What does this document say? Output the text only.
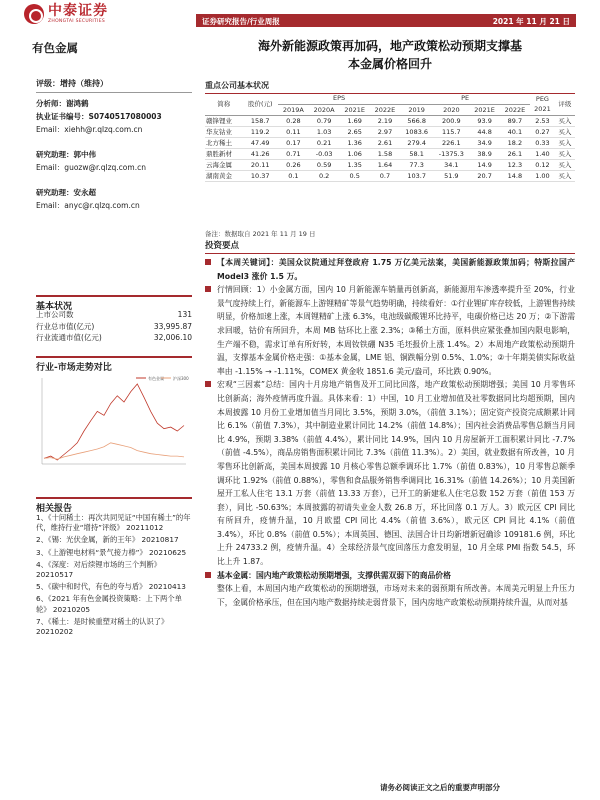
中泰证券
ZHONGTAI SECURITIES	证券研究报告/行业周报	2021 年 11 月 21 日
有色金属	海外新能源政策再加码，地产政策松动预期支撑基
本金属价格回升
评级：增持（维持）
分析师：谢鸿鹤
执业证书编号：S0740517080003
Email：xiehh@r.qlzq.com.cn
研究助理：郭中伟
Email：guozw@r.qlzq.com.cn
研究助理：安永超
Email：anyc@r.qlzq.com.cn
基本状况
上市公司数	131
行业总市值(亿元)	33,995.87
行业流通市值(亿元)	32,006.10
行业-市场走势对比
有色金属 沪深300
相关报告
1、《十问稀土：再次共同见证“中国有稀土”的年代，维持行业“增持”评级》 20211012
2、《锡：光伏金属，新的王年》 20210817
3、《上游锂电材料“景气接力棒”》 20210625
4、《深度：对后续锂市场的三个判断》 20210517
5、《碳中和时代，有色的夸与盾》 20210413
6、《2021 年有色金属投资策略：上下两个单轮》 20210205
7、《稀土：是时候重塑对稀土的认识了》 20210202
重点公司基本状况
简称	股价(元)	EPS				PE				PEG	评级
		2019A	2020A	2021E	2022E	2019	2020	2021E	2022E	2021	
赣锋锂业	158.7	0.28	0.79	1.69	2.19	566.8	200.9	93.9	89.7	2.53	买入
华友钴业	119.2	0.11	1.03	2.65	2.97	1083.6	115.7	44.8	40.1	0.27	买入
北方稀土	47.49	0.17	0.21	1.36	2.61	279.4	226.1	34.9	18.2	0.33	买入
鼎胜新材	41.26	0.71	-0.03	1.06	1.58	58.1	-1375.3	38.9	26.1	1.40	买入
云海金属	20.11	0.26	0.59	1.35	1.64	77.3	34.1	14.9	12.3	0.12	买入
湖南黄金	10.37	0.1	0.2	0.5	0.7	103.7	51.9	20.7	14.8	1.00	买入
备注：数据取自 2021 年 11 月 19 日
投资要点
【本周关键词】：美国众议院通过拜登政府 1.75 万亿美元法案，美国新能源政策加码；特斯拉国产 Model3 涨价 1.5 万。
行情回顾：1）小金属方面，国内 10 月新能源车销量再创新高，新能源用车渗透率提升至 20%，行业景气度持续上行，新能源车上游锂精矿等景气趋势明确，持续看好：①行业锂矿库存较低，上游锂售持续明显，价格加速上涨，本周锂精矿上涨 6.3%，电池级碳酸锂环比持平，电碳价格已达 20 万；②下游需求回暖，钴价有所回升，本周 MB 钴环比上涨 2.3%；③稀土方面，原料供应紧张叠加国内限电影响，生产端不稳，需求订单有所好转，本周钕铁硼 N35 毛坯报价上涨 1.4%。2）本周地产政策松动预期升温，支撑基本金属价格走强：①基本金属，LME 铝、铜跌幅分别 0.5%、1.0%；②十年期美债实际收益率由 -1.15% → -1.11%，COMEX 黄金收 1851.6 美元/盎司，环比跌 0.90%。
宏观“三因素”总结：国内十月房地产销售及开工同比回落，地产政策松动预期增强；美国 10 月零售环比创新高；海外疫情再度升温。具体来看：1）中国，10 月工业增加值及社零数据同比均超预期，国内本周披露 10 月份工业增加值当月同比 3.5%，预期 3.0%，（前值 3.1%）；固定资产投资完成额累计同比 6.1%（前值 7.3%），其中制造业累计同比 14.2%（前值 14.8%）；国内社会消费品零售总额当月同比 4.9%，预期 3.38%（前值 4.4%），累计同比 14.9%，国内 10 月房屋新开工面积累计同比 -7.7%（前值 -4.5%），商品房销售面积累计同比 7.3%（前值 11.3%）。2）美国，就业数据有所改善，10 月零售环比创新高，美国本周披露 10 月核心零售总额季调环比 1.7%（前值 0.83%），10 月零售总额季调环比 1.92%（前值 0.88%），零售和食品服务销售季调同比 16.31%（前值 14.26%）；10 月美国新屋开工私人住宅 13.1 万套（前值 13.33 万套），已开工的新建私人住宅总数 152 万套（前值 153 万套），同比 -50.63%；本周披露的初请失业金人数 26.8 万，环比回落 0.1 万人。3）欧元区 CPI 同比有所回升，疫情升温，10 月欧盟 CPI 同比 4.4%（前值 3.6%），欧元区 CPI 同比 4.1%（前值 3.4%），环比 0.8%（前值 0.5%）；本周英国、德国、法国合计日均新增新冠确诊 109181.6 例，环比上升 24733.2 例，疫情升温。4）全球经济景气度回落压力愈发明显，10 月全球 PMI 指数 54.5，环比上升 1.87。
基本金属：国内地产政策松动预期增强，支撑供需双弱下的商品价格
整体上看，本周国内地产政策松动的预期增强，市场对未来的弱预期有所改善。本周美元明显上升压力下，金属价格承压，但在国内地产数据持续走弱背景下，国内房地产政策松动预期持续升温，从而对基
请务必阅读正文之后的重要声明部分
